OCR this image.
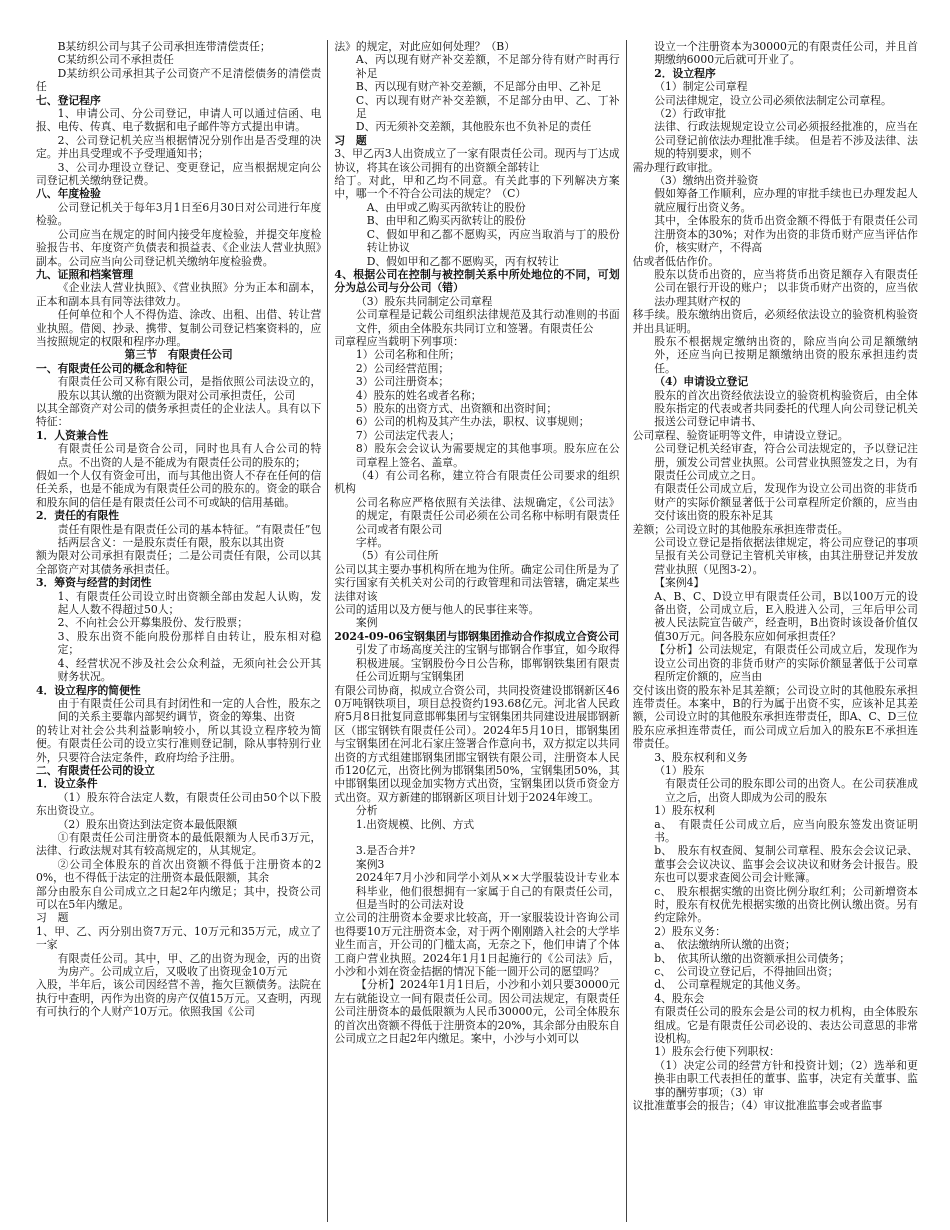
B某纺织公司与其子公司承担连带清偿责任；

C某纺织公司不承担责任

D某纺织公司承担其子公司资产不足清偿债务的清偿责任

七、登记程序

1、申请公司、分公司登记，申请人可以通过信函、电报、电传、传真、电子数据和电子邮件等方式提出申请。

2、公司登记机关应当根据情况分别作出是否受理的决定。并出具受理或不予受理通知书；

3、公司办理设立登记、变更登记，应当根据规定向公司登记机关缴纳登记费。

八、年度检验

公司登记机关于每年3月1日至6月30日对公司进行年度检验。

公司应当在规定的时间内接受年度检验，并提交年度检验报告书、年度资产负债表和损益表、《企业法人营业执照》副本。公司应当向公司登记机关缴纳年度检验费。

九、证照和档案管理

《企业法人营业执照》、《营业执照》分为正本和副本，正本和副本具有同等法律效力。

任何单位和个人不得伪造、涂改、出租、出借、转让营业执照。借阅、抄录、携带、复制公司登记档案资料的，应当按照规定的权限和程序办理。

第三节　有限责任公司

一、有限责任公司的概念和特征

有限责任公司又称有限公司，是指依照公司法设立的，股东以其认缴的出资额为限对公司承担责任，公司

以其全部资产对公司的债务承担责任的企业法人。具有以下特征：

1．人资兼合性

有限责任公司是资合公司，同时也具有人合公司的特点。不出资的人是不能成为有限责任公司的股东的；

假如一个人仅有资金可出，而与其他出资人不存在任何的信任关系，也是不能成为有限责任公司的股东的。资金的联合和股东间的信任是有限责任公司不可或缺的信用基础。

2．责任的有限性

责任有限性是有限责任公司的基本特征。“有限责任”包括两层含义：一是股东责任有限，股东以其出资

额为限对公司承担有限责任；二是公司责任有限，公司以其全部资产对其债务承担责任。

3．筹资与经营的封闭性

1、有限责任公司设立时出资额全部由发起人认购，发起人人数不得超过50人；

2、不向社会公开募集股份、发行股票；

3、股东出资不能向股份那样自由转让，股东相对稳定；

4、经营状况不涉及社会公众利益，无须向社会公开其财务状况。

4．设立程序的简便性

由于有限责任公司具有封闭性和一定的人合性，股东之间的关系主要靠内部契约调节，资金的筹集、出资

的转让对社会公共利益影响较小，所以其设立程序较为简便。有限责任公司的设立实行准则登记制，除从事特别行业外，只要符合法定条件，政府均给予注册。

二、有限责任公司的设立

1．设立条件

（1）股东符合法定人数，有限责任公司由50个以下股东出资设立。

（2）股东出资达到法定资本最低限额

①有限责任公司注册资本的最低限额为人民币3万元，法律、行政法规对其有较高规定的，从其规定。

②公司全体股东的首次出资额不得低于注册资本的20%，也不得低于法定的注册资本最低限额，其余

部分由股东自公司成立之日起2年内缴足；其中，投资公司可以在5年内缴足。

习　题

1、甲、乙、丙分别出资7万元、10万元和35万元，成立了一家

有限责任公司。其中，甲、乙的出资为现金，丙的出资为房产。公司成立后，又吸收了出资现金10万元

入股，半年后，该公司因经营不善，拖欠巨额债务。法院在执行中查明，丙作为出资的房产仅值15万元。又查明，丙现有可执行的个人财产10万元。依照我国《公司

法》的规定，对此应如何处理？（B）

A、丙以现有财产补交差额，不足部分待有财产时再行补足

B、丙以现有财产补交差额，不足部分由甲、乙补足

C、丙以现有财产补交差额，不足部分由甲、乙、丁补足

D、丙无须补交差额，其他股东也不负补足的责任

习　题

3、甲乙丙3人出资成立了一家有限责任公司。现丙与丁达成协议，将其在该公司拥有的出资额全部转让

给丁。对此，甲和乙均不同意。有关此事的下列解决方案中，哪一个不符合公司法的规定？（C）

A、由甲或乙购买丙欲转让的股份

B、由甲和乙购买丙欲转让的股份

C、假如甲和乙都不愿购买，丙应当取消与丁的股份转让协议

D、假如甲和乙都不愿购买，丙有权转让

4、根据公司在控制与被控制关系中所处地位的不同，可划分为总公司与分公司（错）

（3）股东共同制定公司章程

公司章程是记载公司组织法律规范及其行动准则的书面文件，须由全体股东共同订立和签署。有限责任公

司章程应当载明下列事项：

1）公司名称和住所；

2）公司经营范围；

3）公司注册资本；

4）股东的姓名或者名称；

5）股东的出资方式、出资额和出资时间；

6）公司的机构及其产生办法，职权、议事规则；

7）公司法定代表人；

8）股东会会议认为需要规定的其他事项。股东应在公司章程上签名、盖章。

（4）有公司名称，建立符合有限责任公司要求的组织机构

公司名称应严格依照有关法律、法规确定，《公司法》的规定，有限责任公司必须在公司名称中标明有限责任公司或者有限公司

字样。

（5）有公司住所

公司以其主要办事机构所在地为住所。确定公司住所是为了实行国家有关机关对公司的行政管理和司法管辖，确定某些法律对该

公司的适用以及方便与他人的民事往来等。

案例

2024-09-06宝钢集团与邯钢集团推动合作拟成立合资公司

引发了市场高度关注的宝钢与邯钢合作事宜，如今取得积极进展。宝钢股份今日公告称，邯郸钢铁集团有限责任公司近期与宝钢集团

有限公司协商，拟成立合资公司，共同投资建设邯钢新区460万吨钢铁项目，项目总投资约193.68亿元。河北省人民政府5月8日批复同意邯郸集团与宝钢集团共同建设进展邯钢新区（邯宝钢铁有限责任公司）。2024年5月10日，邯钢集团与宝钢集团在河北石家庄签署合作意向书，双方拟定以共同出资的方式组建邯钢集团邯宝钢铁有限公司，注册资本人民币120亿元，出资比例为邯钢集团50%，宝钢集团50%，其中邯钢集团以现金加实物方式出资，宝钢集团以货币资金方式出资。双方新建的邯钢新区项目计划于2024年竣工。

分析

1.出资规模、比例、方式

3.是否合并?

案例3

2024年7月小沙和同学小刘从××大学服装设计专业本科毕业，他们很想拥有一家属于自己的有限责任公司，但是当时的公司法对设

立公司的注册资本金要求比较高，开一家服装设计咨询公司也得要10万元注册资本金，对于两个刚刚踏入社会的大学毕业生而言，开公司的门槛太高，无奈之下，他们申请了个体工商户营业执照。2024年1月1日起施行的《公司法》后，小沙和小刘在资金拮据的情况下能一圆开公司的愿望吗？

【分析】2024年1月1日后，小沙和小刘只要30000元左右就能设立一间有限责任公司。因公司法规定，有限责任公司注册资本的最低限额为人民币30000元，公司全体股东的首次出资额不得低于注册资本的20%，其余部分由股东自公司成立之日起2年内缴足。案中，小沙与小刘可以

设立一个注册资本为30000元的有限责任公司，并且首期缴纳6000元后就可开业了。

2．设立程序

（1）制定公司章程

公司法律规定，设立公司必须依法制定公司章程。

（2）行政审批

法律、行政法规规定设立公司必须报经批准的，应当在公司登记前依法办理批准手续。 但是若不涉及法律、法规的特别要求，则不

需办理行政审批。

（3）缴纳出资并验资

假如筹备工作顺利，应办理的审批手续也已办理发起人就应履行出资义务。

其中，全体股东的货币出资金额不得低于有限责任公司注册资本的30%；对作为出资的非货币财产应当评估作价，核实财产，不得高

估或者低估作价。

股东以货币出资的，应当将货币出资足额存入有限责任公司在银行开设的账户； 以非货币财产出资的，应当依法办理其财产权的

移手续。股东缴纳出资后，必须经依法设立的验资机构验资并出具证明。

股东不根据规定缴纳出资的，除应当向公司足额缴纳外，还应当向已按期足额缴纳出资的股东承担违约责任。

（4）申请设立登记

股东的首次出资经依法设立的验资机构验资后，由全体股东指定的代表或者共同委托的代理人向公司登记机关报送公司登记申请书、

公司章程、验资证明等文件，申请设立登记。

公司登记机关经审查，符合公司法规定的，予以登记注册，颁发公司营业执照。公司营业执照签发之日，为有限责任公司成立之日。

有限责任公司成立后，发现作为设立公司出资的非货币财产的实际价额显著低于公司章程所定价额的，应当由交付该出资的股东补足其

差额；公司设立时的其他股东承担连带责任。

公司设立登记是指依据法律规定，将公司应登记的事项呈报有关公司登记主管机关审核，由其注册登记并发放营业执照（见图3-2）。

【案例4】

A、B、C、D设立甲有限责任公司，B以100万元的设备出资，公司成立后，E入股进入公司，三年后甲公司被人民法院宣告破产，经查明，B出资时该设备价值仅值30万元。问各股东应如何承担责任？

【分析】公司法规定，有限责任公司成立后，发现作为设立公司出资的非货币财产的实际价额显著低于公司章程所定价额的，应当由

交付该出资的股东补足其差额；公司设立时的其他股东承担连带责任。本案中，B的行为属于出资不实，应该补足其差额，公司设立时的其他股东承担连带责任，即A、C、D三位股东应承担连带责任，而公司成立后加入的股东E不承担连带责任。

3、股东权利和义务

（1）股东

有限责任公司的股东即公司的出资人。在公司获准成立之后，出资人即成为公司的股东

1）股东权利

a、　有限责任公司成立后，应当向股东签发出资证明书。

b、　股东有权查阅、复制公司章程、股东会会议记录、董事会会议决议、监事会会议决议和财务会计报告。股东也可以要求查阅公司会计账簿。

c、　股东根据实缴的出资比例分取红利；公司新增资本时，股东有权优先根据实缴的出资比例认缴出资。另有约定除外。

2）股东义务：

a、　依法缴纳所认缴的出资；

b、　依其所认缴的出资额承担公司债务；

c、　公司设立登记后，不得抽回出资；

d、　公司章程规定的其他义务。

4、股东会

有限责任公司的股东会是公司的权力机构，由全体股东组成。它是有限责任公司必设的、表达公司意思的非常设机构。

1）股东会行使下列职权：

（1）决定公司的经营方针和投资计划；（2）选举和更换非由职工代表担任的董事、监事，决定有关董事、监事的酬劳事项；（3）审

议批准董事会的报告；（4）审议批准监事会或者监事
